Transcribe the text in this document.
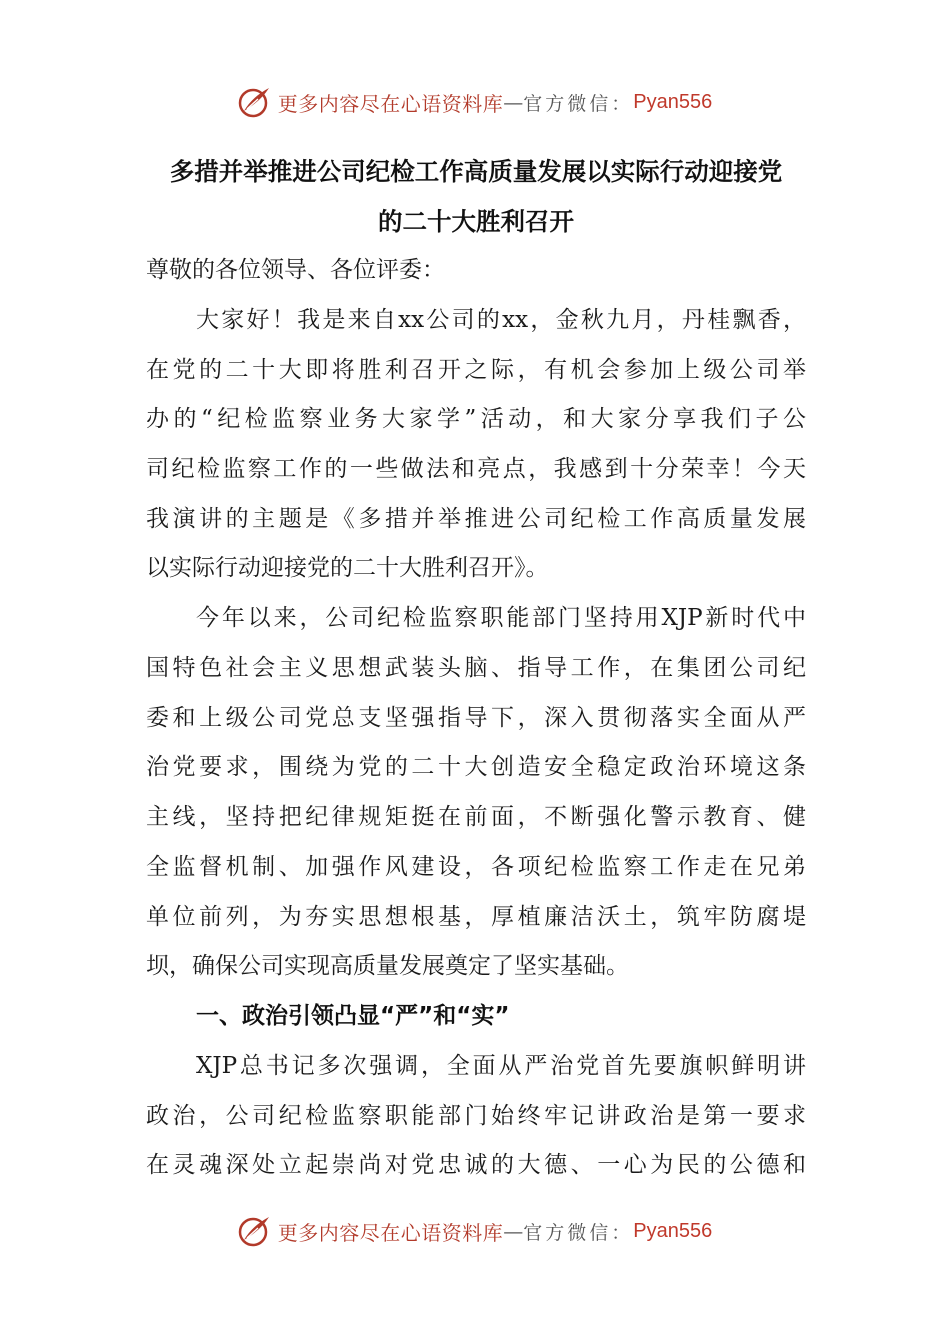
更多内容尽在心语资料库 — 官方微信： Pyan556
多措并举推进公司纪检工作高质量发展以实际行动迎接党
的二十大胜利召开
尊敬的各位领导、各位评委：
大家好！我是来自xx公司的xx，金秋九月，丹桂飘香，
在党的二十大即将胜利召开之际，有机会参加上级公司举
办的“纪检监察业务大家学”活动，和大家分享我们子公
司纪检监察工作的一些做法和亮点，我感到十分荣幸！今天
我演讲的主题是《多措并举推进公司纪检工作高质量发展
以实际行动迎接党的二十大胜利召开》。
今年以来，公司纪检监察职能部门坚持用XJP新时代中
国特色社会主义思想武装头脑、指导工作，在集团公司纪
委和上级公司党总支坚强指导下，深入贯彻落实全面从严
治党要求，围绕为党的二十大创造安全稳定政治环境这条
主线，坚持把纪律规矩挺在前面，不断强化警示教育、健
全监督机制、加强作风建设，各项纪检监察工作走在兄弟
单位前列，为夯实思想根基，厚植廉洁沃土，筑牢防腐堤
坝，确保公司实现高质量发展奠定了坚实基础。
一、政治引领凸显“严”和“实”
XJP总书记多次强调，全面从严治党首先要旗帜鲜明讲
政治，公司纪检监察职能部门始终牢记讲政治是第一要求
在灵魂深处立起崇尚对党忠诚的大德、一心为民的公德和
更多内容尽在心语资料库 — 官方微信： Pyan556
